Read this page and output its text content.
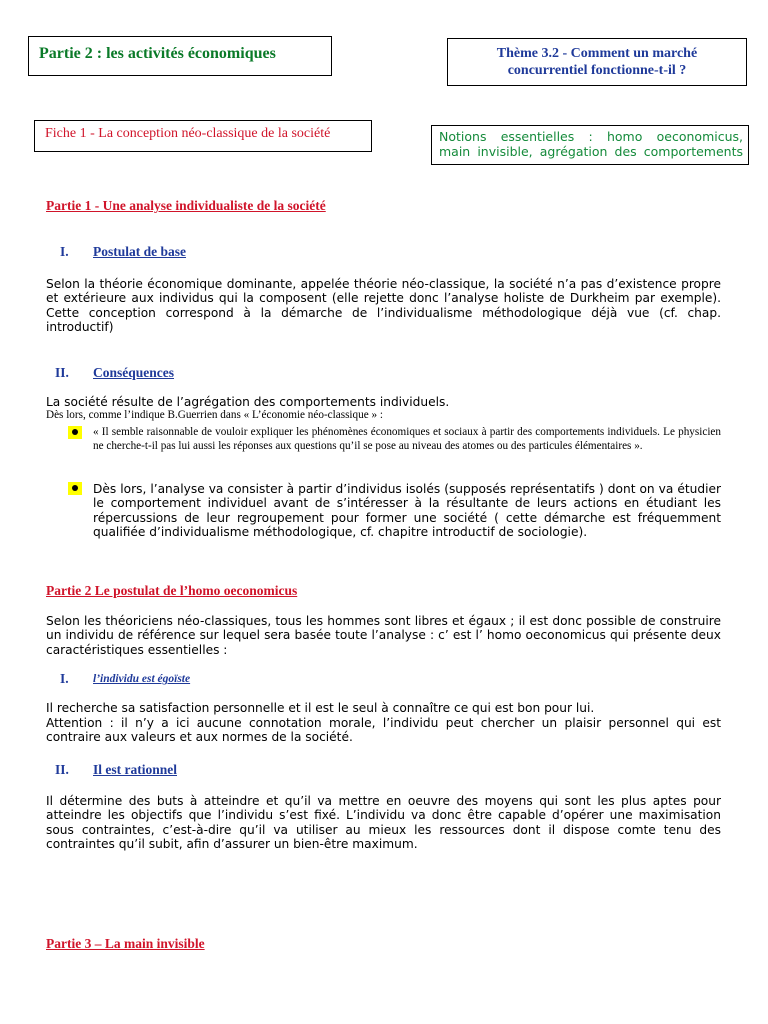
Partie 2 : les activités économiques	Thème 3.2 - Comment un marché
concurrentiel fonctionne-t-il ?
Fiche 1 - La conception néo-classique de la société	Notions essentielles : homo oeconomicus,
main invisible, agrégation des comportements
Partie 1 - Une analyse individualiste de la société
I. Postulat de base

Selon la théorie économique dominante, appelée théorie néo-classique, la société n’a pas d’existence propre et extérieure aux individus qui la composent (elle rejette donc l’analyse holiste de Durkheim par exemple). Cette conception correspond à la démarche de l’individualisme méthodologique déjà vue (cf. chap. introductif)

II. Conséquences
La société résulte de l’agrégation des comportements individuels.
Dès lors, comme l’indique B.Guerrien dans « L’économie néo-classique » :

« Il semble raisonnable de vouloir expliquer les phénomènes économiques et sociaux à partir des comportements individuels. Le physicien ne cherche-t-il pas lui aussi les réponses aux questions qu’il se pose au niveau des atomes ou des particules élémentaires ».

Dès lors, l’analyse va consister à partir d’individus isolés (supposés représentatifs ) dont on va étudier le comportement individuel avant de s’intéresser à la résultante de leurs actions en étudiant les répercussions de leur regroupement pour former une société ( cette démarche est fréquemment qualifiée d’individualisme méthodologique, cf. chapitre introductif de sociologie).

Partie 2 Le postulat de l’homo oeconomicus

Selon les théoriciens néo-classiques, tous les hommes sont libres et égaux ; il est donc possible de construire un individu de référence sur lequel sera basée toute l’analyse : c’ est l’ homo oeconomicus qui présente deux caractéristiques essentielles :

I. l’individu est égoïste
Il recherche sa satisfaction personnelle et il est le seul à connaître ce qui est bon pour lui.

Attention : il n’y a ici aucune connotation morale, l’individu peut chercher un plaisir personnel qui est contraire aux valeurs et aux normes de la société.

II. Il est rationnel

Il détermine des buts à atteindre et qu’il va mettre en oeuvre des moyens qui sont les plus aptes pour atteindre les objectifs que l’individu s’est fixé. L’individu va donc être capable d’opérer une maximisation sous contraintes, c’est-à-dire qu’il va utiliser au mieux les ressources dont il dispose comte tenu des contraintes qu’il subit, afin d’assurer un bien-être maximum.

Partie 3 – La main invisible
